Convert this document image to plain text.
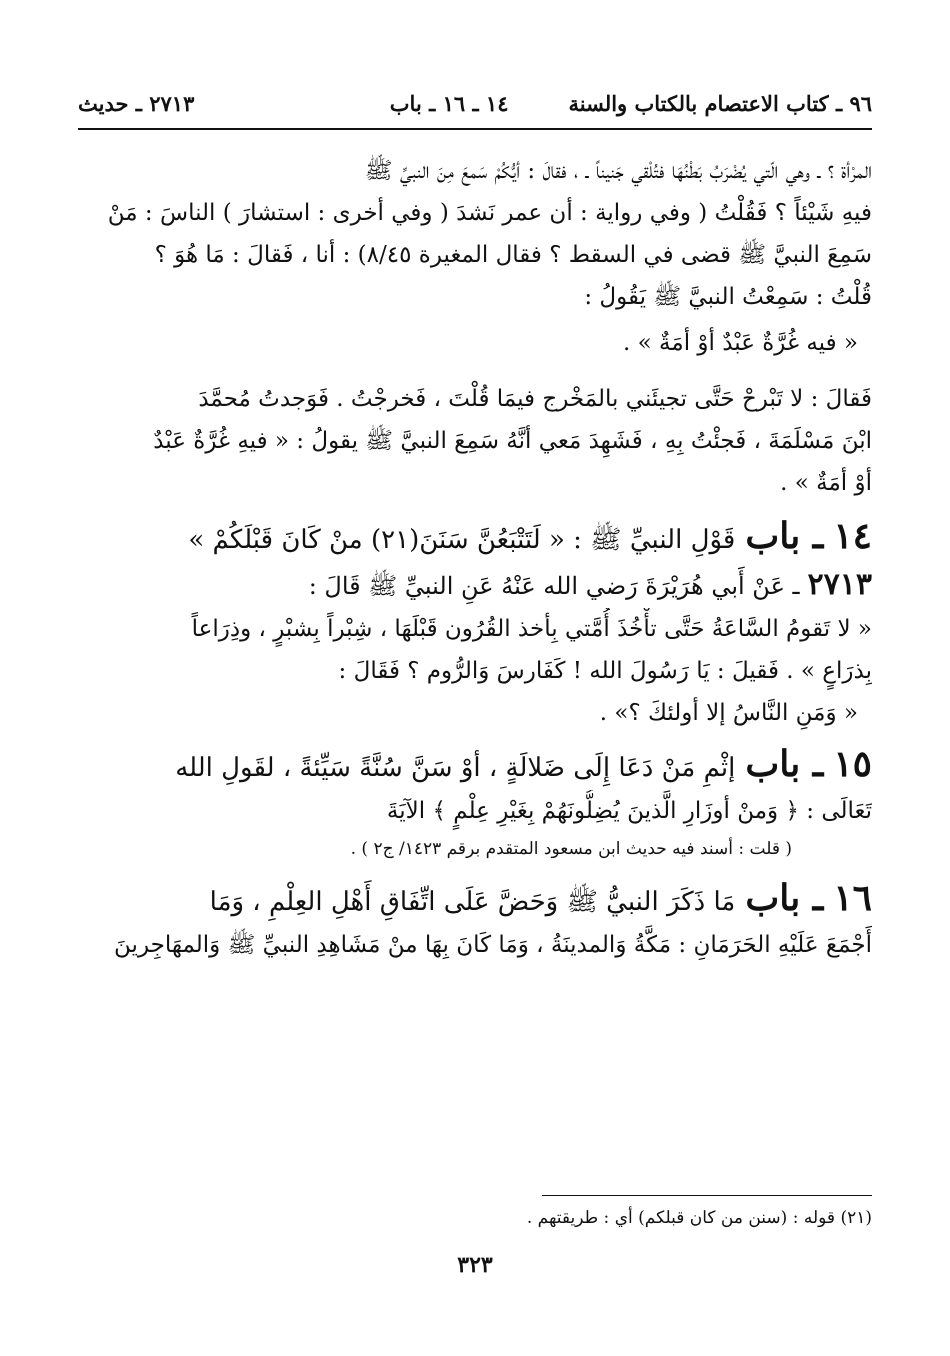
٩٦ ـ كتاب الاعتصام بالكتاب والسنة
١٤ ـ ١٦ ـ باب
٢٧١٣ ـ حديث
المرْأة ؟ ـ وهي الّتي يُضْرَبُ بَطْنُهَا فتُلْقي جَنيناً ـ ، فقالَ : أيُّكُمْ سَمعَ مِنَ النبيِّ ﷺ
فيهِ شَيْئاً ؟ فَقُلْتُ ( وفي رواية : أن عمر نَشدَ ( وفي أخرى : استشارَ ) الناسَ : مَنْ
سَمِعَ النبيَّ ﷺ قضى في السقط ؟ فقال المغيرة ٨/٤٥) : أنا ، فَقالَ : مَا هُوَ ؟
قُلْتُ : سَمِعْتُ النبيَّ ﷺ يَقُولُ :
« فيه غُرَّةٌ عَبْدٌ أوْ أمَةٌ » .
فَقالَ : لا تَبْرحْ حَتَّى تجيئَني بالمَخْرج فيمَا قُلْتَ ، فَخرجْتُ . فَوَجدتُ مُحمَّدَ
ابْنَ مَسْلَمَةَ ، فَجئْتُ بِهِ ، فَشَهِدَ مَعي أنَّهُ سَمِعَ النبيَّ ﷺ يقولُ : « فيهِ غُرَّةٌ عَبْدٌ
أوْ أمَةٌ » .
١٤
ـ باب
قَوْلِ النبيِّ ﷺ : « لَتَتْبَعُنَّ سَنَنَ(٢١) منْ كَانَ قَبْلَكُمْ »
٢٧١٣
ـ عَنْ أَبي هُرَيْرَةَ رَضي الله عَنْهُ عَنِ النبيِّ ﷺ قَالَ :
« لا تَقومُ السَّاعَةُ حَتَّى تأْخُذَ أُمَّتي بِأخذ القُرُون قَبْلَهَا ، شِبْراً بِشبْرٍ ، وذِرَاعاً
بِذرَاعٍ » . فَقيلَ : يَا رَسُولَ الله ! كَفَارسَ وَالرُّوم ؟ فَقَالَ :
« وَمَنِ النَّاسُ إلا أولئكَ ؟» .
١٥
ـ باب
إثْمِ مَنْ دَعَا إِلَى ضَلالَةٍ ، أوْ سَنَّ سُنَّةً سَيِّئةً ، لقَولِ الله
تَعَالَى : ﴿ وَمنْ أوزَارِ الَّذينَ يُضِلُّونَهُمْ بِغَيْرِ عِلْمٍ ﴾ الآيَةَ
( قلت : أسند فيه حديث ابن مسعود المتقدم برقم ١٤٢٣/ ج٢ ) .
١٦
ـ باب
مَا ذَكَرَ النبيُّ ﷺ وَحَضَّ عَلَى اتِّفَاقِ أَهْلِ العِلْمِ ، وَمَا
أَجْمَعَ عَلَيْهِ الحَرَمَانِ : مَكَّةُ وَالمدينَةُ ، وَمَا كَانَ بِهَا منْ مَشَاهِدِ النبيِّ ﷺ وَالمهَاجِرينَ
(٢١) قوله : (سنن من كان قبلكم) أي : طريقتهم .
٣٢٣
